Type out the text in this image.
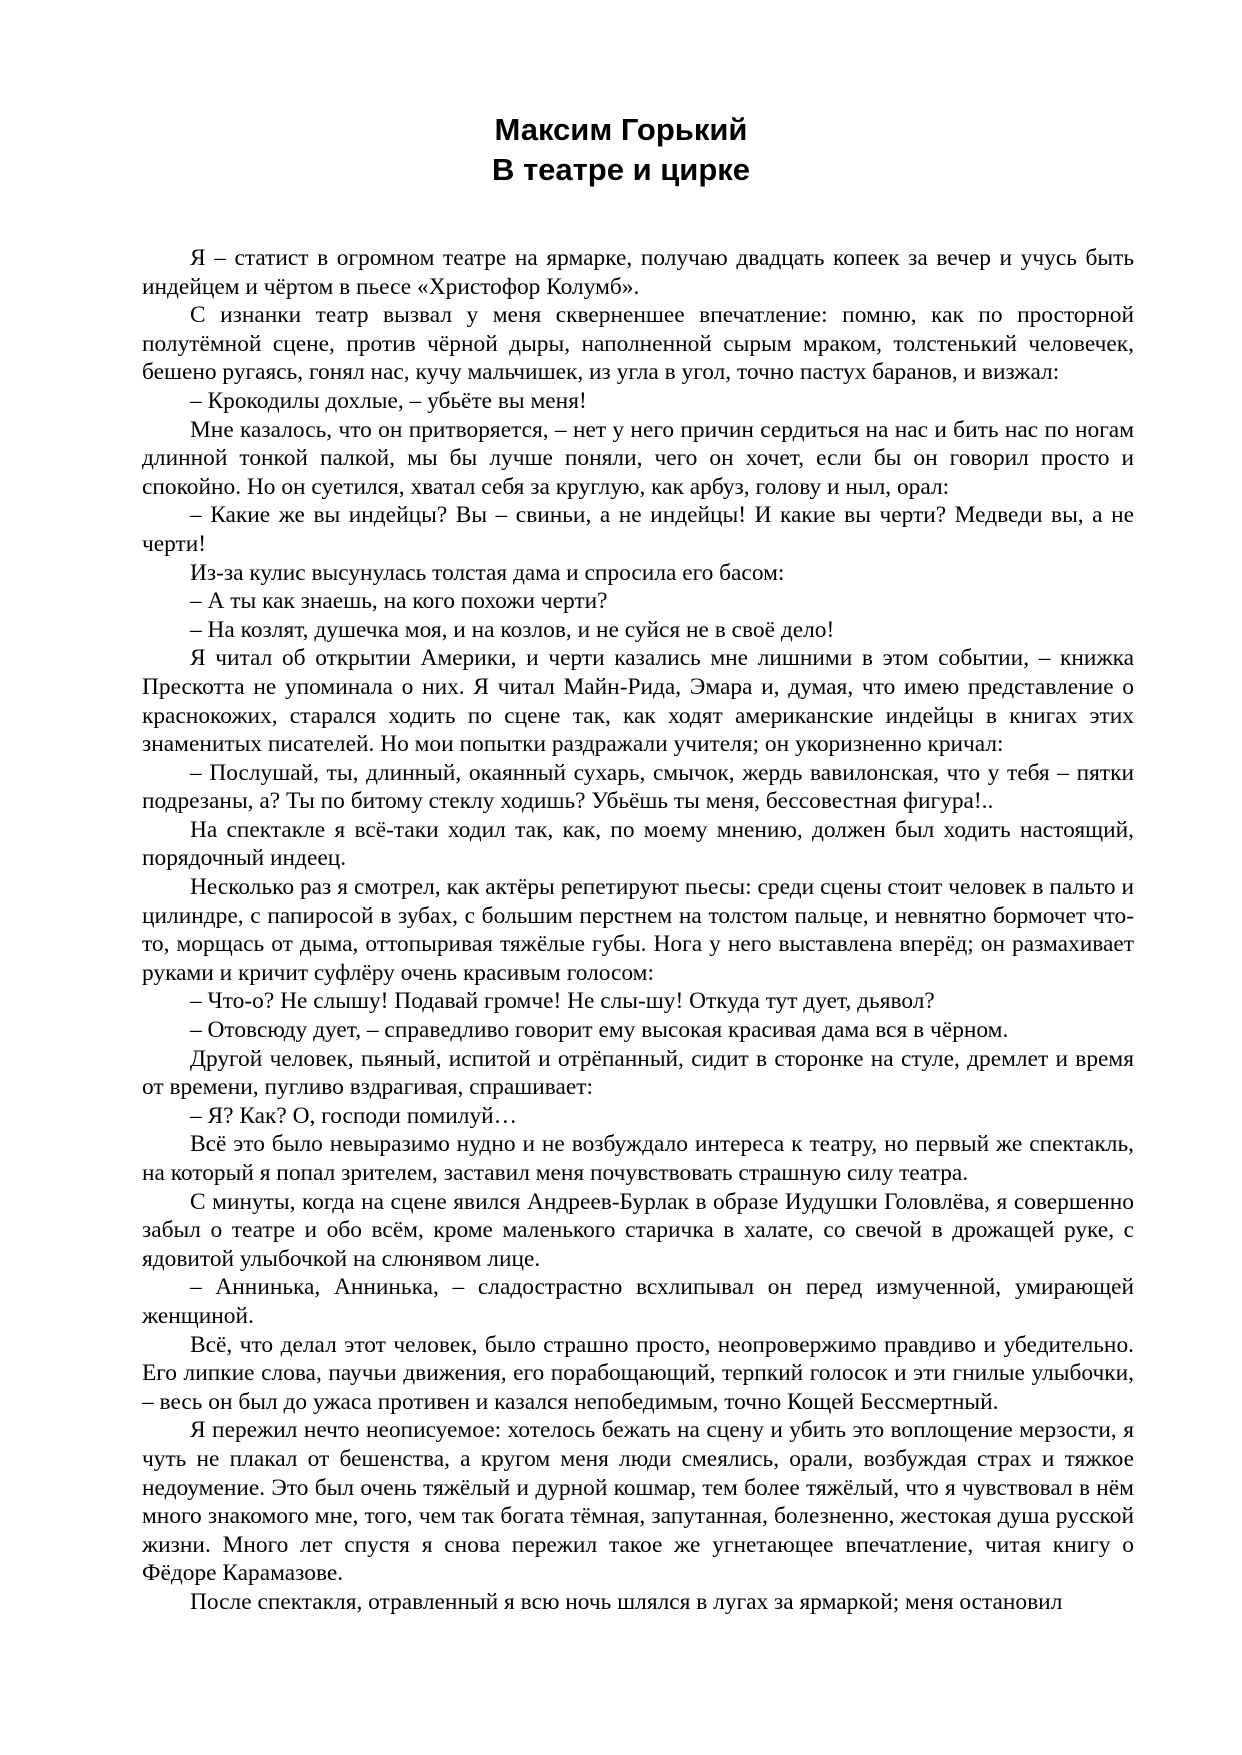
Максим Горький
В театре и цирке

Я – статист в огромном театре на ярмарке, получаю двадцать копеек за вечер и учусь быть индейцем и чёртом в пьесе «Христофор Колумб».

С изнанки театр вызвал у меня скверненшее впечатление: помню, как по просторной полутёмной сцене, против чёрной дыры, наполненной сырым мраком, толстенький человечек, бешено ругаясь, гонял нас, кучу мальчишек, из угла в угол, точно пастух баранов, и визжал:

– Крокодилы дохлые, – убьёте вы меня!

Мне казалось, что он притворяется, – нет у него причин сердиться на нас и бить нас по ногам длинной тонкой палкой, мы бы лучше поняли, чего он хочет, если бы он говорил просто и спокойно. Но он суетился, хватал себя за круглую, как арбуз, голову и ныл, орал:

– Какие же вы индейцы? Вы – свиньи, а не индейцы! И какие вы черти? Медведи вы, а не черти!

Из-за кулис высунулась толстая дама и спросила его басом:

– А ты как знаешь, на кого похожи черти?

– На козлят, душечка моя, и на козлов, и не суйся не в своё дело!

Я читал об открытии Америки, и черти казались мне лишними в этом событии, – книжка Прескотта не упоминала о них. Я читал Майн-Рида, Эмара и, думая, что имею представление о краснокожих, старался ходить по сцене так, как ходят американские индейцы в книгах этих знаменитых писателей. Но мои попытки раздражали учителя; он укоризненно кричал:

– Послушай, ты, длинный, окаянный сухарь, смычок, жердь вавилонская, что у тебя – пятки подрезаны, а? Ты по битому стеклу ходишь? Убьёшь ты меня, бессовестная фигура!..

На спектакле я всё-таки ходил так, как, по моему мнению, должен был ходить настоящий, порядочный индеец.

Несколько раз я смотрел, как актёры репетируют пьесы: среди сцены стоит человек в пальто и цилиндре, с папиросой в зубах, с большим перстнем на толстом пальце, и невнятно бормочет что-то, морщась от дыма, оттопыривая тяжёлые губы. Нога у него выставлена вперёд; он размахивает руками и кричит суфлёру очень красивым голосом:

– Что-о? Не слышу! Подавай громче! Не слы-шу! Откуда тут дует, дьявол?

– Отовсюду дует, – справедливо говорит ему высокая красивая дама вся в чёрном.

Другой человек, пьяный, испитой и отрёпанный, сидит в сторонке на стуле, дремлет и время от времени, пугливо вздрагивая, спрашивает:

– Я? Как? О, господи помилуй…

Всё это было невыразимо нудно и не возбуждало интереса к театру, но первый же спектакль, на который я попал зрителем, заставил меня почувствовать страшную силу театра.

С минуты, когда на сцене явился Андреев-Бурлак в образе Иудушки Головлёва, я совершенно забыл о театре и обо всём, кроме маленького старичка в халате, со свечой в дрожащей руке, с ядовитой улыбочкой на слюнявом лице.

– Аннинька, Аннинька, – сладострастно всхлипывал он перед измученной, умирающей женщиной.

Всё, что делал этот человек, было страшно просто, неопровержимо правдиво и убедительно. Его липкие слова, паучьи движения, его порабощающий, терпкий голосок и эти гнилые улыбочки, – весь он был до ужаса противен и казался непобедимым, точно Кощей Бессмертный.

Я пережил нечто неописуемое: хотелось бежать на сцену и убить это воплощение мерзости, я чуть не плакал от бешенства, а кругом меня люди смеялись, орали, возбуждая страх и тяжкое недоумение. Это был очень тяжёлый и дурной кошмар, тем более тяжёлый, что я чувствовал в нём много знакомого мне, того, чем так богата тёмная, запутанная, болезненно, жестокая душа русской жизни. Много лет спустя я снова пережил такое же угнетающее впечатление, читая книгу о Фёдоре Карамазове.

После спектакля, отравленный я всю ночь шлялся в лугах за ярмаркой; меня остановил
